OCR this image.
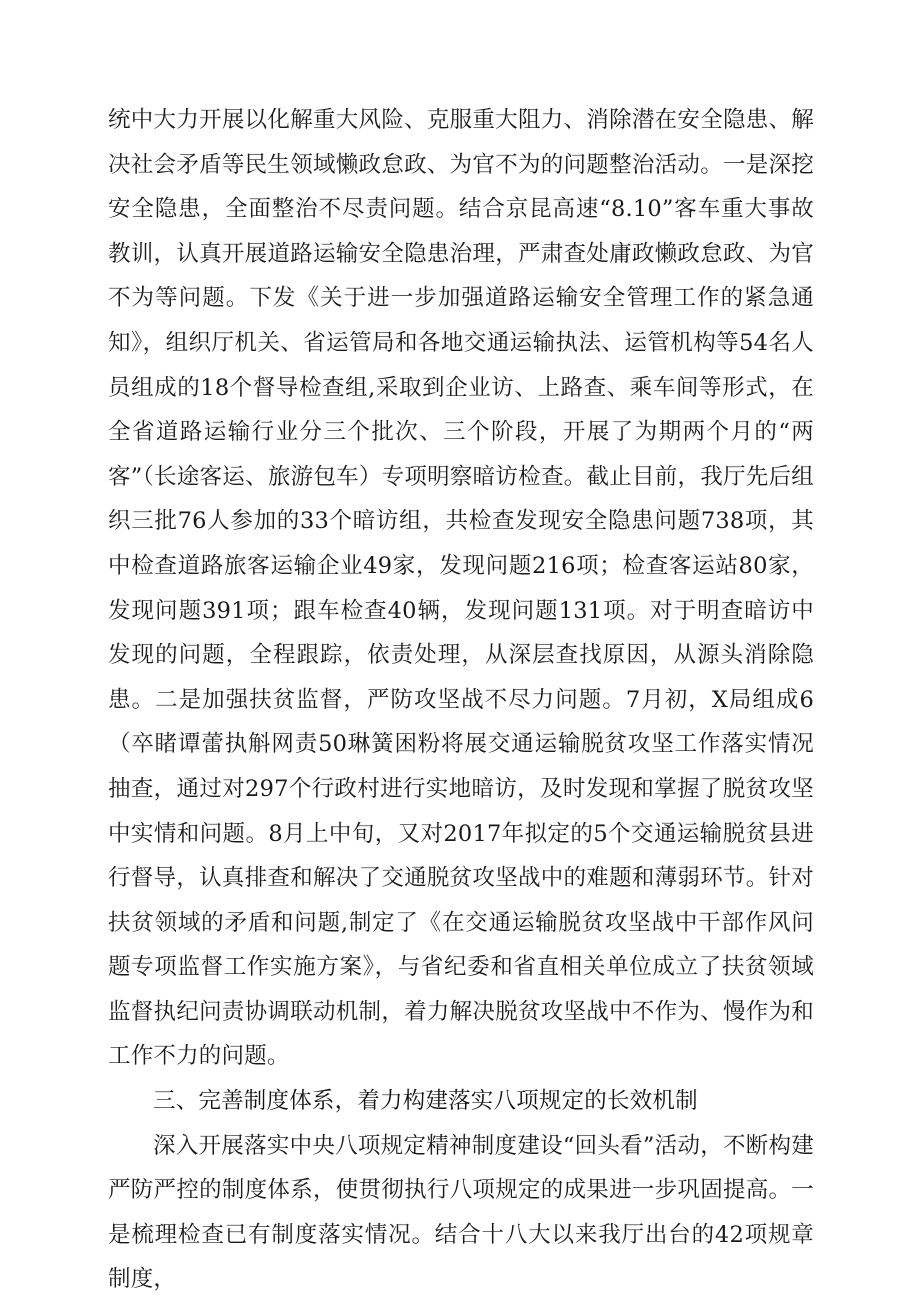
统中大力开展以化解重大风险、克服重大阻力、消除潜在安全隐患、解决社会矛盾等民生领域懒政怠政、为官不为的问题整治活动。一是深挖安全隐患，全面整治不尽责问题。结合京昆高速“8.10”客车重大事故教训，认真开展道路运输安全隐患治理，严肃查处庸政懒政怠政、为官不为等问题。下发《关于进一步加强道路运输安全管理工作的紧急通知》，组织厅机关、省运管局和各地交通运输执法、运管机构等54名人员组成的18个督导检查组,采取到企业访、上路查、乘车间等形式，在全省道路运输行业分三个批次、三个阶段，开展了为期两个月的“两客”（长途客运、旅游包车）专项明察暗访检查。截止目前，我厅先后组织三批76人参加的33个暗访组，共检查发现安全隐患问题738项，其中检查道路旅客运输企业49家，发现问题216项；检查客运站80家，发现问题391项；跟车检查40辆，发现问题131项。对于明查暗访中发现的问题，全程跟踪，依责处理，从深层查找原因，从源头消除隐患。二是加强扶贫监督，严防攻坚战不尽力问题。7月初，X局组成6（卒睹谭蕾执斛网责50琳簧困粉将展交通运输脱贫攻坚工作落实情况抽查，通过对297个行政村进行实地暗访，及时发现和掌握了脱贫攻坚中实情和问题。8月上中旬，又对2017年拟定的5个交通运输脱贫县进行督导，认真排查和解决了交通脱贫攻坚战中的难题和薄弱环节。针对扶贫领域的矛盾和问题,制定了《在交通运输脱贫攻坚战中干部作风问题专项监督工作实施方案》，与省纪委和省直相关单位成立了扶贫领域监督执纪问责协调联动机制，着力解决脱贫攻坚战中不作为、慢作为和工作不力的问题。

三、完善制度体系，着力构建落实八项规定的长效机制

深入开展落实中央八项规定精神制度建设“回头看”活动，不断构建严防严控的制度体系，使贯彻执行八项规定的成果进一步巩固提高。一是梳理检查已有制度落实情况。结合十八大以来我厅出台的42项规章制度，
